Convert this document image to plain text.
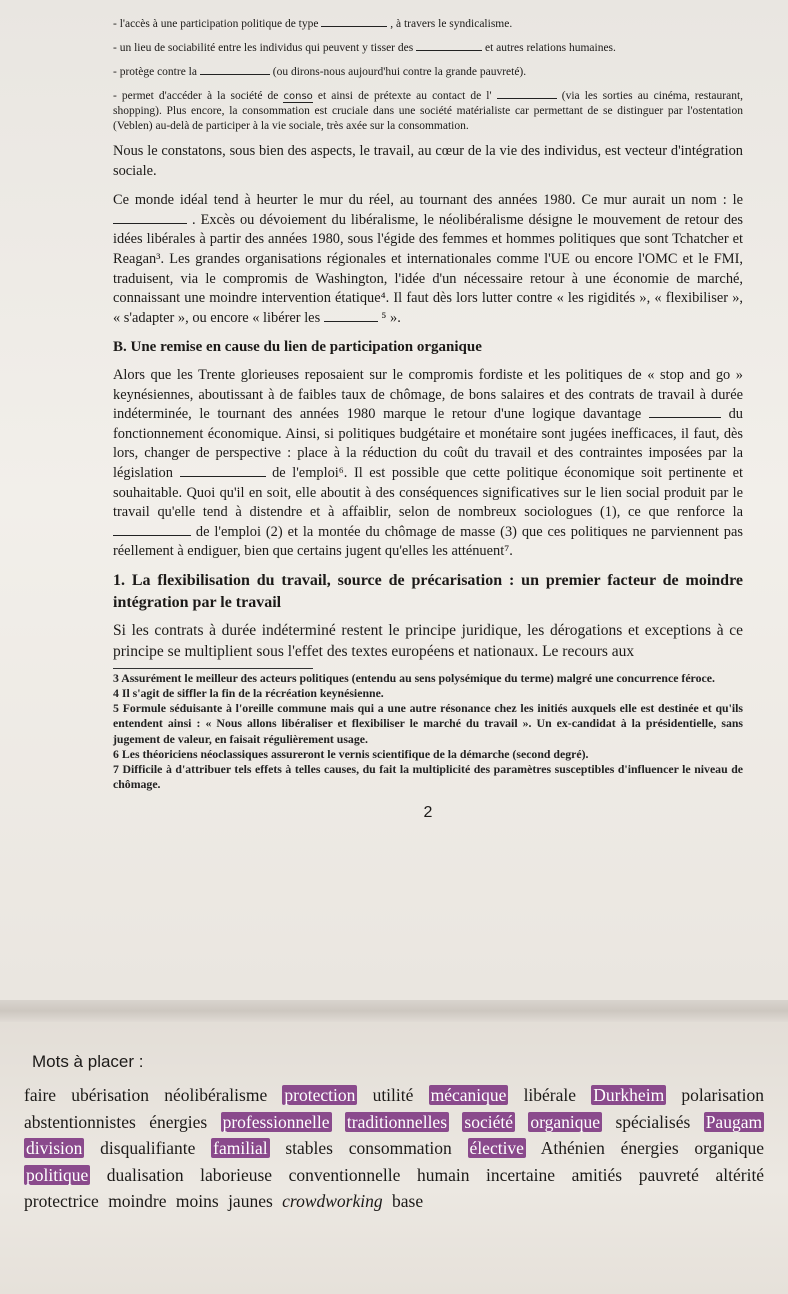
- l'accès à une participation politique de type	, à travers le syndicalisme.

- un lieu de sociabilité entre les individus qui peuvent y tisser des	et autres relations humaines.

- protège contre la	(ou dirons-nous aujourd'hui contre la grande pauvreté).

- permet d'accéder à la société de conso et ainsi de prétexte au contact de l'	(via les sorties au cinéma, restaurant, shopping). Plus encore, la consommation est cruciale dans une société matérialiste car permettant de se distinguer par l'ostentation (Veblen) au-delà de participer à la vie sociale, très axée sur la consommation.

Nous le constatons, sous bien des aspects, le travail, au cœur de la vie des individus, est vecteur d'intégration sociale.

Ce monde idéal tend à heurter le mur du réel, au tournant des années 1980. Ce mur aurait un nom : le  . Excès ou dévoiement du libéralisme, le néolibéralisme désigne le mouvement de retour des idées libérales à partir des années 1980, sous l'égide des femmes et hommes politiques que sont Tchatcher et Reagan³. Les grandes organisations régionales et internationales comme l'UE ou encore l'OMC et le FMI, traduisent, via le compromis de Washington, l'idée d'un nécessaire retour à une économie de marché, connaissant une moindre intervention étatique⁴. Il faut dès lors lutter contre « les rigidités », « flexibiliser », « s'adapter », ou encore « libérer les	⁵ ».

B. Une remise en cause du lien de participation organique

Alors que les Trente glorieuses reposaient sur le compromis fordiste et les politiques de « stop and go » keynésiennes, aboutissant à de faibles taux de chômage, de bons salaires et des contrats de travail à durée indéterminée, le tournant des années 1980 marque le retour d'une logique davantage	du fonctionnement économique. Ainsi, si politiques budgétaire et monétaire sont jugées inefficaces, il faut, dès lors, changer de perspective : place à la réduction du coût du travail et des contraintes imposées par la législation	de l'emploi⁶. Il est possible que cette politique économique soit pertinente et souhaitable. Quoi qu'il en soit, elle aboutit à des conséquences significatives sur le lien social produit par le travail qu'elle tend à distendre et à affaiblir, selon de nombreux sociologues (1), ce que renforce la  de l'emploi (2) et la montée du chômage de masse (3) que ces politiques ne parviennent pas réellement à endiguer, bien que certains jugent qu'elles les atténuent⁷.

1. La flexibilisation du travail, source de précarisation : un premier facteur de moindre intégration par le travail

Si les contrats à durée indéterminé restent le principe juridique, les dérogations et exceptions à ce principe se multiplient sous l'effet des textes européens et nationaux. Le recours aux

3 Assurément le meilleur des acteurs politiques (entendu au sens polysémique du terme) malgré une concurrence féroce.

4 Il s'agit de siffler la fin de la récréation keynésienne.

5 Formule séduisante à l'oreille commune mais qui a une autre résonance chez les initiés auxquels elle est destinée et qu'ils entendent ainsi : « Nous allons libéraliser et flexibiliser le marché du travail ». Un ex-candidat à la présidentielle, sans jugement de valeur, en faisait régulièrement usage.

6 Les théoriciens néoclassiques assureront le vernis scientifique de la démarche (second degré).

7 Difficile à d'attribuer tels effets à telles causes, du fait la multiplicité des paramètres susceptibles d'influencer le niveau de chômage.

2
Mots à placer :
faire ubérisation néolibéralisme protection utilité mécanique libérale Durkheim polarisation abstentionnistes énergies professionnelle traditionnelles société organique spécialisés Paugam division disqualifiante familial stables consommation élective Athénien énergies organique politique dualisation laborieuse conventionnelle humain incertaine amitiés pauvreté altérité protectrice moindre moins jaunes crowdworking base
